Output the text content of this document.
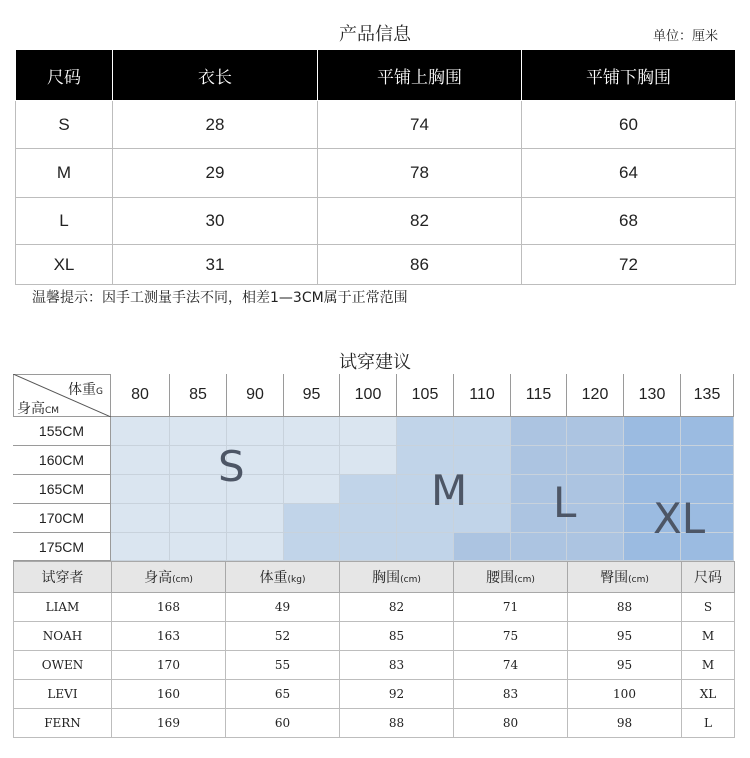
产品信息	单位：厘米
尺码	衣长	平铺上胸围	平铺下胸围
S	28	74	60
M	29	78	64
L	30	82	68
XL	31	86	72
温馨提示：因手工测量手法不同，相差1—3CM属于正常范围
试穿建议
体重G
身高CM
80	85	90	95	100	105	110	115	120	130	135
155CM
160CM
165CM
170CM
175CM
S	M L XL
试穿者	身高(cm)	体重(kg)	胸围(cm)	腰围(cm)	臀围(cm)	尺码
LIAM	168	49	82	71	88	S
NOAH	163	52	85	75	95	M
OWEN	170	55	83	74	95	M
LEVI	160	65	92	83	100	XL
FERN	169	60	88	80	98	L
